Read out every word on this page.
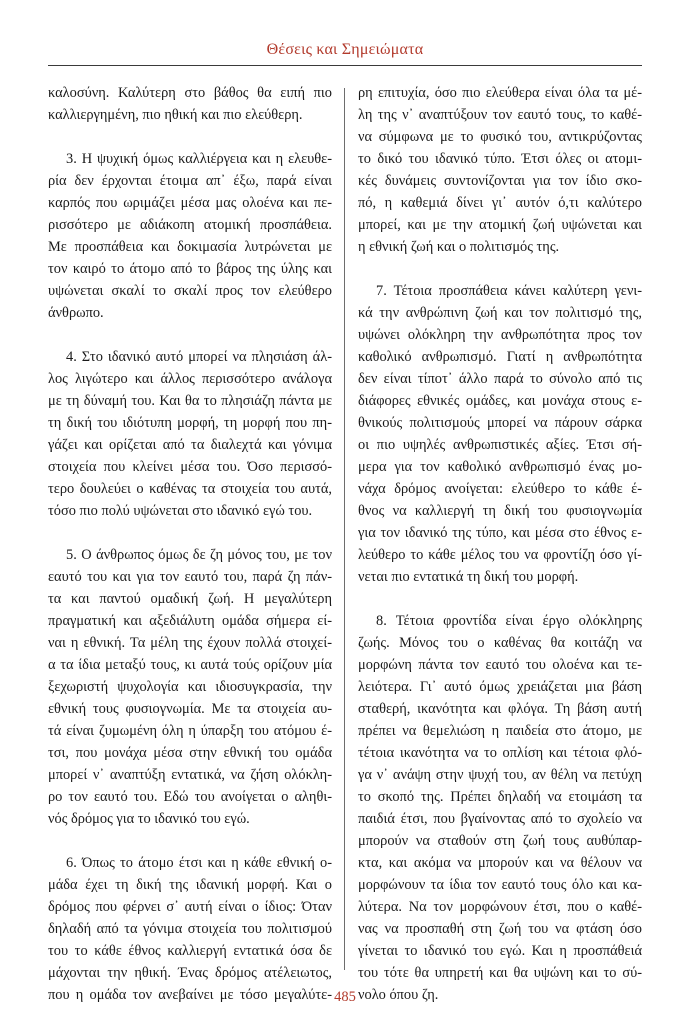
Θέσεις και Σημειώματα
καλοσύνη. Καλύτερη στο βάθος θα ειπή πιο
καλλιεργημένη, πιο ηθική και πιο ελεύθερη.
3. Η ψυχική όμως καλλιέργεια και η ελευθε-
ρία δεν έρχονται έτοιμα απ᾽ έξω, παρά είναι
καρπός που ωριμάζει μέσα μας ολοένα και πε-
ρισσότερο με αδιάκοπη ατομική προσπάθεια.
Με προσπάθεια και δοκιμασία λυτρώνεται με
τον καιρό το άτομο από το βάρος της ύλης και
υψώνεται σκαλί το σκαλί προς τον ελεύθερο
άνθρωπο.
4. Στο ιδανικό αυτό μπορεί να πλησιάση άλ-
λος λιγώτερο και άλλος περισσότερο ανάλογα
με τη δύναμή του. Και θα το πλησιάζη πάντα με
τη δική του ιδιότυπη μορφή, τη μορφή που πη-
γάζει και ορίζεται από τα διαλεχτά και γόνιμα
στοιχεία που κλείνει μέσα του. Όσο περισσό-
τερο δουλεύει ο καθένας τα στοιχεία του αυτά,
τόσο πιο πολύ υψώνεται στο ιδανικό εγώ του.
5. Ο άνθρωπος όμως δε ζη μόνος του, με τον
εαυτό του και για τον εαυτό του, παρά ζη πάν-
τα και παντού ομαδική ζωή. Η μεγαλύτερη
πραγματική και αξεδιάλυτη ομάδα σήμερα εί-
ναι η εθνική. Τα μέλη της έχουν πολλά στοιχεί-
α τα ίδια μεταξύ τους, κι αυτά τούς ορίζουν μία
ξεχωριστή ψυχολογία και ιδιοσυγκρασία, την
εθνική τους φυσιογνωμία. Με τα στοιχεία αυ-
τά είναι ζυμωμένη όλη η ύπαρξη του ατόμου έ-
τσι, που μονάχα μέσα στην εθνική του ομάδα
μπορεί ν᾽ αναπτύξη εντατικά, να ζήση ολόκλη-
ρο τον εαυτό του. Εδώ του ανοίγεται ο αληθι-
νός δρόμος για το ιδανικό του εγώ.
6. Όπως το άτομο έτσι και η κάθε εθνική ο-
μάδα έχει τη δική της ιδανική μορφή. Και ο
δρόμος που φέρνει σ᾽ αυτή είναι ο ίδιος: Όταν
δηλαδή από τα γόνιμα στοιχεία του πολιτισμού
του το κάθε έθνος καλλιεργή εντατικά όσα δε
μάχονται την ηθική. Ένας δρόμος ατέλειωτος,
που η ομάδα τον ανεβαίνει με τόσο μεγαλύτε-
ρη επιτυχία, όσο πιο ελεύθερα είναι όλα τα μέ-
λη της ν᾽ αναπτύξουν τον εαυτό τους, το καθέ-
να σύμφωνα με το φυσικό του, αντικρύζοντας
το δικό του ιδανικό τύπο. Έτσι όλες οι ατομι-
κές δυνάμεις συντονίζονται για τον ίδιο σκο-
πό, η καθεμιά δίνει γι᾽ αυτόν ό,τι καλύτερο
μπορεί, και με την ατομική ζωή υψώνεται και
η εθνική ζωή και ο πολιτισμός της.
7. Τέτοια προσπάθεια κάνει καλύτερη γενι-
κά την ανθρώπινη ζωή και τον πολιτισμό της,
υψώνει ολόκληρη την ανθρωπότητα προς τον
καθολικό ανθρωπισμό. Γιατί η ανθρωπότητα
δεν είναι τίποτ᾽ άλλο παρά το σύνολο από τις
διάφορες εθνικές ομάδες, και μονάχα στους ε-
θνικούς πολιτισμούς μπορεί να πάρουν σάρκα
οι πιο υψηλές ανθρωπιστικές αξίες. Έτσι σή-
μερα για τον καθολικό ανθρωπισμό ένας μο-
νάχα δρόμος ανοίγεται: ελεύθερο το κάθε έ-
θνος να καλλιεργή τη δική του φυσιογνωμία
για τον ιδανικό της τύπο, και μέσα στο έθνος ε-
λεύθερο το κάθε μέλος του να φροντίζη όσο γί-
νεται πιο εντατικά τη δική του μορφή.
8. Τέτοια φροντίδα είναι έργο ολόκληρης
ζωής. Μόνος του ο καθένας θα κοιτάζη να
μορφώνη πάντα τον εαυτό του ολοένα και τε-
λειότερα. Γι᾽ αυτό όμως χρειάζεται μια βάση
σταθερή, ικανότητα και φλόγα. Τη βάση αυτή
πρέπει να θεμελιώση η παιδεία στο άτομο, με
τέτοια ικανότητα να το οπλίση και τέτοια φλό-
γα ν᾽ ανάψη στην ψυχή του, αν θέλη να πετύχη
το σκοπό της. Πρέπει δηλαδή να ετοιμάση τα
παιδιά έτσι, που βγαίνοντας από το σχολείο να
μπορούν να σταθούν στη ζωή τους αυθύπαρ-
κτα, και ακόμα να μπορούν και να θέλουν να
μορφώνουν τα ίδια τον εαυτό τους όλο και κα-
λύτερα. Να τον μορφώνουν έτσι, που ο καθέ-
νας να προσπαθή στη ζωή του να φτάση όσο
γίνεται το ιδανικό του εγώ. Και η προσπάθειά
του τότε θα υπηρετή και θα υψώνη και το σύ-
νολο όπου ζη.
485
